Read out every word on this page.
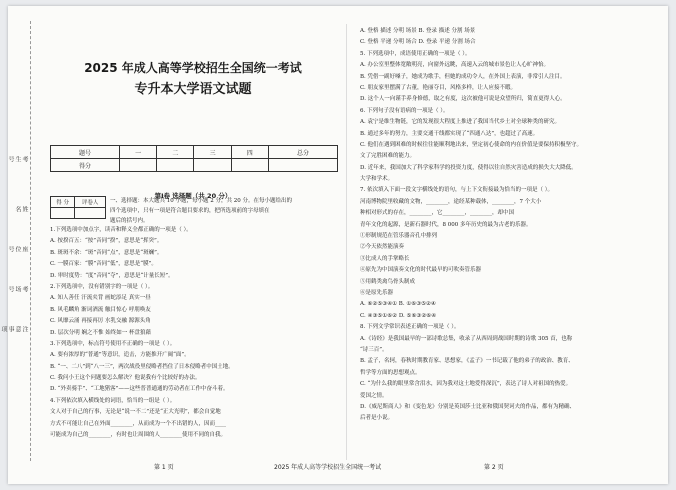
考生号
姓名
座位号
考场号
注意事项
2025 年成人高等学校招生全国统一考试
专升本大学语文试题
题号	一	二	三	四	总分
得分					
第Ⅰ卷 选择题（共 20 分）
得 分	评卷人
	一、选择题：本大题共 10 小题，每小题 2 分，共 20 分。在每小题给出的
四个选项中，只有一项是符合题目要求的，把所选项前的字母填在
题后的括号内。
1.下列选项中加点字，读音和释义全都正确的一项是（ ）。
A. 按揆百五：“按”音同“揆”，意思是“挥突”。
B. 斑斑不余：“斑”音同“点”，意思是“斑斓”。
C. 一膜百家：“膜”音同“低”，意思是“膜”。
D. 审时度势：“度”音同“夺”，意思是“计量长短”。
2.下列选项中，没有错别字的一项是（ ）。
A. 知人善任 汗流夹背 画蛇添足 真实一昼
B. 风毛麟角 渐词酒流 触目惊心 呼朋唤友
C. 风靡云涌 再接再厉 水乳交融 源源头角
D. 层次分明 娴之不惟 始终如一 杯盘狼藉
3.下列选项中，标点符号使用不正确的一项是（ ）。
A. 要有浓厚的“普通”等意识，追击，方能推开广阔“面”。
B. “一、二八”到“八一三”，两次战役里侵略者挡住了日本侵略者中国土地。
C. 我问小王这个问题要怎么解决？他说我有个比较好的办法。
D. “外卖骑手”、“工地猪客”——这些普普通通的劳动者在工作中奋斗着。
4.下列依次填入横线处的词语，恰当的一组是（ ）。
文人对于自己的行事，无论是“说一不二”还是“正大光明”，都会自觉地
方式不可能让自己在外面________，从而成为一个不出错的人，因而____
可能成为自己的________，有时也让周围的人________使用不同的自我。
A. 登格 描述 分明 场景 B. 登录 描述 分割 场景
C. 登格 平递 分明 场合 D. 登录 平递 分割 场合
5. 下列选项中，成语使用正确的一项是（ ）。
A. 办公室里整体宽敞明亮，向窗外远眺，高速入云的城市景色让人心旷神怡。
B. 凭借一副好嗓子，她成为歌手，但她的成功令人，在外国上表演，非常引人注目。
C. 朋友家里摆满了古董，艳丽夺目，风格多样，让人应接不暇。
D. 这个人一向谨手养身修德，取之有度，这次被他可说是众望所归，简直更得人心。
6. 下列句子没有语病的一项是（ ）。
A. 袁宁是维生物链，它的发现很大程度上推进了我国当代乡土对全球种类的研究。
B. 通过多年的努力，主要交通干线都实现了“四通八达”，也超过了高速。
C. 他们在遇到困难的时候往往能顺利地出来，坚定初心使命的内在价值是要保持积极坚守。
文了完胜困难的能力。
D. 近年来，我国加大了科学家科学的投资力度，使得以往自然灾害造成的损失大大降低。
大学和学术。
7. 依次填入下面一段文字横线处的语句，与上下文衔接最为恰当的一项是（ ）。
河南博物院里收藏的文物，________，途经某种载体，________，7 个大小
种相对形式的存在，________，它________，________，却中国
青年文化的起源，是新石器时代，8 000 多年历史的最为古老的乐器。
①形制规范在管乐器音孔中排列
②今天依然能演奏
③比成人的手掌略长
④原先为中国演奏文化的时代最早的可吹奏管乐器
⑤用鹤类禽鸟骨头制成
⑥是原先乐器
A. ⑥②⑤③④① B. ①⑥③⑤②④
C. ④③⑤①⑥② D. ⑤⑥③②⑥④
8. 下列文学常识表述正确的一项是（ ）。
A.《诗经》是我国最早的一部诗歌总集，收录了从西周到战国时期的诗歌 305 首，也称
“诗三百”。
B. 孟子，名轲，春秋时期教育家、思想家，《孟子》一书记载了他的弟子的政治、教育、
哲学等方面的思想观点。
C. “为什么我的眼里常含泪水，因为我对这土地爱得深沉”，表达了诗人对祖国的热爱。
爱国之情。
D.《威尼斯商人》和《变色龙》分别是英国莎士比亚和俄国契诃夫的作品，都有为精确、
后者是小说。
第 1 页	2025 年成人高等学校招生全国统一考试	第 2 页
